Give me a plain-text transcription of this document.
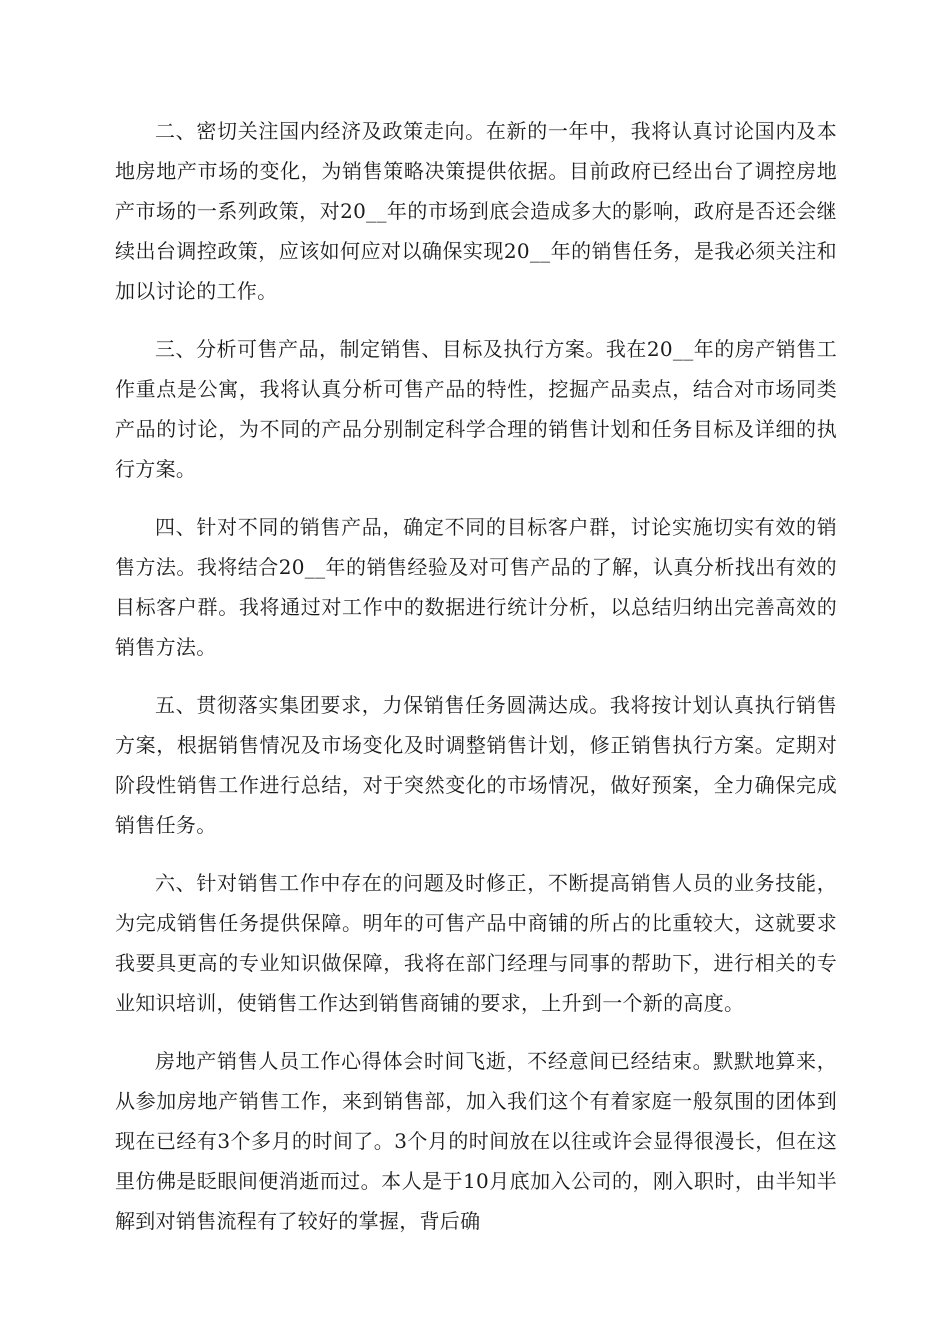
二、密切关注国内经济及政策走向。在新的一年中，我将认真讨论国内及本地房地产市场的变化，为销售策略决策提供依据。目前政府已经出台了调控房地产市场的一系列政策，对20__年的市场到底会造成多大的影响，政府是否还会继续出台调控政策，应该如何应对以确保实现20__年的销售任务，是我必须关注和加以讨论的工作。

三、分析可售产品，制定销售、目标及执行方案。我在20__年的房产销售工作重点是公寓，我将认真分析可售产品的特性，挖掘产品卖点，结合对市场同类产品的讨论，为不同的产品分别制定科学合理的销售计划和任务目标及详细的执行方案。

四、针对不同的销售产品，确定不同的目标客户群，讨论实施切实有效的销售方法。我将结合20__年的销售经验及对可售产品的了解，认真分析找出有效的目标客户群。我将通过对工作中的数据进行统计分析，以总结归纳出完善高效的销售方法。

五、贯彻落实集团要求，力保销售任务圆满达成。我将按计划认真执行销售方案，根据销售情况及市场变化及时调整销售计划，修正销售执行方案。定期对阶段性销售工作进行总结，对于突然变化的市场情况，做好预案，全力确保完成销售任务。

六、针对销售工作中存在的问题及时修正，不断提高销售人员的业务技能，为完成销售任务提供保障。明年的可售产品中商铺的所占的比重较大，这就要求我要具更高的专业知识做保障，我将在部门经理与同事的帮助下，进行相关的专业知识培训，使销售工作达到销售商铺的要求，上升到一个新的高度。

房地产销售人员工作心得体会时间飞逝，不经意间已经结束。默默地算来，从参加房地产销售工作，来到销售部，加入我们这个有着家庭一般氛围的团体到现在已经有3个多月的时间了。3个月的时间放在以往或许会显得很漫长，但在这里仿佛是眨眼间便消逝而过。本人是于10月底加入公司的，刚入职时，由半知半解到对销售流程有了较好的掌握，背后确
